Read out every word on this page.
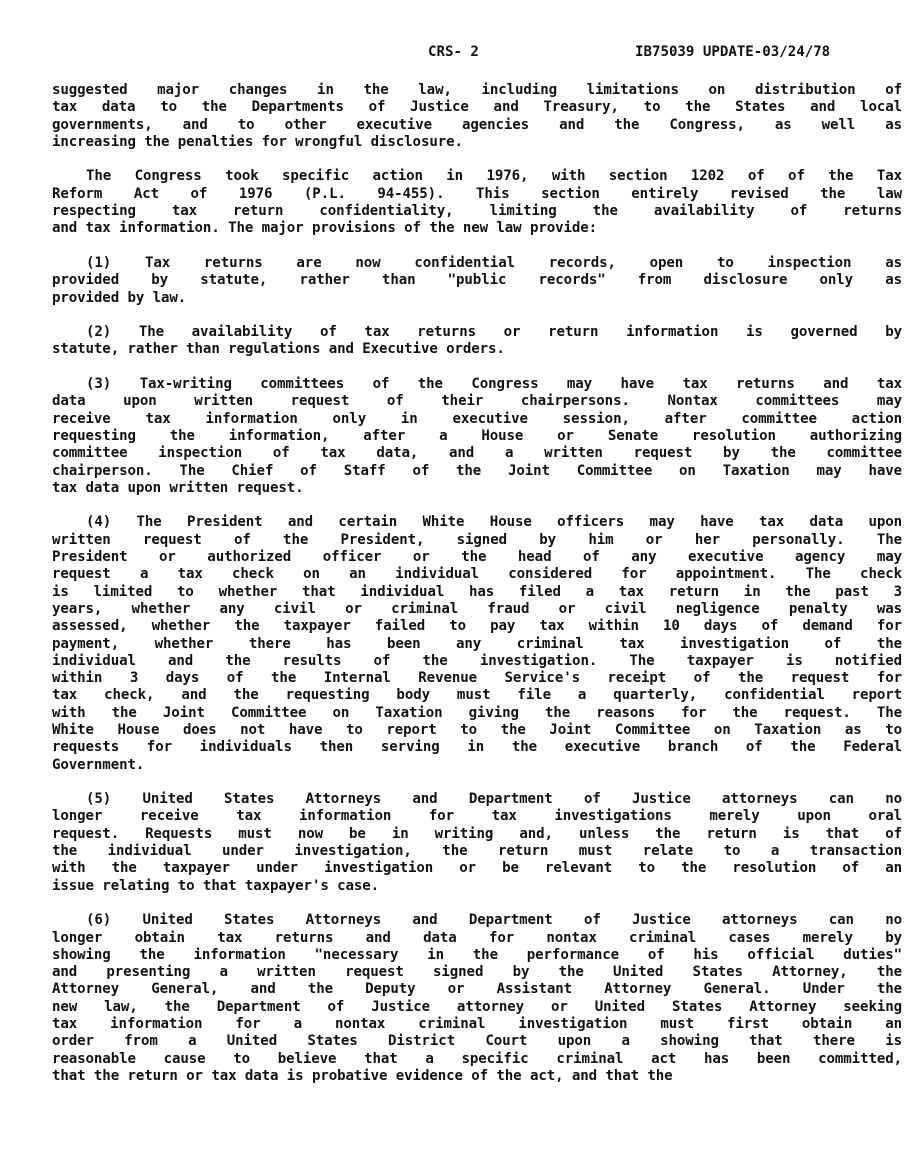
CRS- 2	IB75039 UPDATE-03/24/78
suggested major changes in the law, including limitations on distribution of
tax data to the Departments of Justice and Treasury, to the States and local
governments, and to other executive agencies and the Congress, as well as
increasing the penalties for wrongful disclosure.
The Congress took specific action in 1976, with section 1202 of of the Tax
Reform Act of 1976 (P.L. 94-455). This section entirely revised the law
respecting tax return confidentiality, limiting the availability of returns
and tax information. The major provisions of the new law provide:
(1) Tax returns are now confidential records, open to inspection as
provided by statute, rather than "public records" from disclosure only as
provided by law.
(2) The availability of tax returns or return information is governed by
statute, rather than regulations and Executive orders.
(3) Tax-writing committees of the Congress may have tax returns and tax
data upon written request of their chairpersons. Nontax committees may
receive tax information only in executive session, after committee action
requesting the information, after a House or Senate resolution authorizing
committee inspection of tax data, and a written request by the committee
chairperson. The Chief of Staff of the Joint Committee on Taxation may have
tax data upon written request.
(4) The President and certain White House officers may have tax data upon
written request of the President, signed by him or her personally. The
President or authorized officer or the head of any executive agency may
request a tax check on an individual considered for appointment. The check
is limited to whether that individual has filed a tax return in the past 3
years, whether any civil or criminal fraud or civil negligence penalty was
assessed, whether the taxpayer failed to pay tax within 10 days of demand for
payment, whether there has been any criminal tax investigation of the
individual and the results of the investigation. The taxpayer is notified
within 3 days of the Internal Revenue Service's receipt of the request for
tax check, and the requesting body must file a quarterly, confidential report
with the Joint Committee on Taxation giving the reasons for the request. The
White House does not have to report to the Joint Committee on Taxation as to
requests for individuals then serving in the executive branch of the Federal
Government.
(5) United States Attorneys and Department of Justice attorneys can no
longer receive tax information for tax investigations merely upon oral
request. Requests must now be in writing and, unless the return is that of
the individual under investigation, the return must relate to a transaction
with the taxpayer under investigation or be relevant to the resolution of an
issue relating to that taxpayer's case.
(6) United States Attorneys and Department of Justice attorneys can no
longer obtain tax returns and data for nontax criminal cases merely by
showing the information "necessary in the performance of his official duties"
and presenting a written request signed by the United States Attorney, the
Attorney General, and the Deputy or Assistant Attorney General. Under the
new law, the Department of Justice attorney or United States Attorney seeking
tax information for a nontax criminal investigation must first obtain an
order from a United States District Court upon a showing that there is
reasonable cause to believe that a specific criminal act has been committed,
that the return or tax data is probative evidence of the act, and that the
